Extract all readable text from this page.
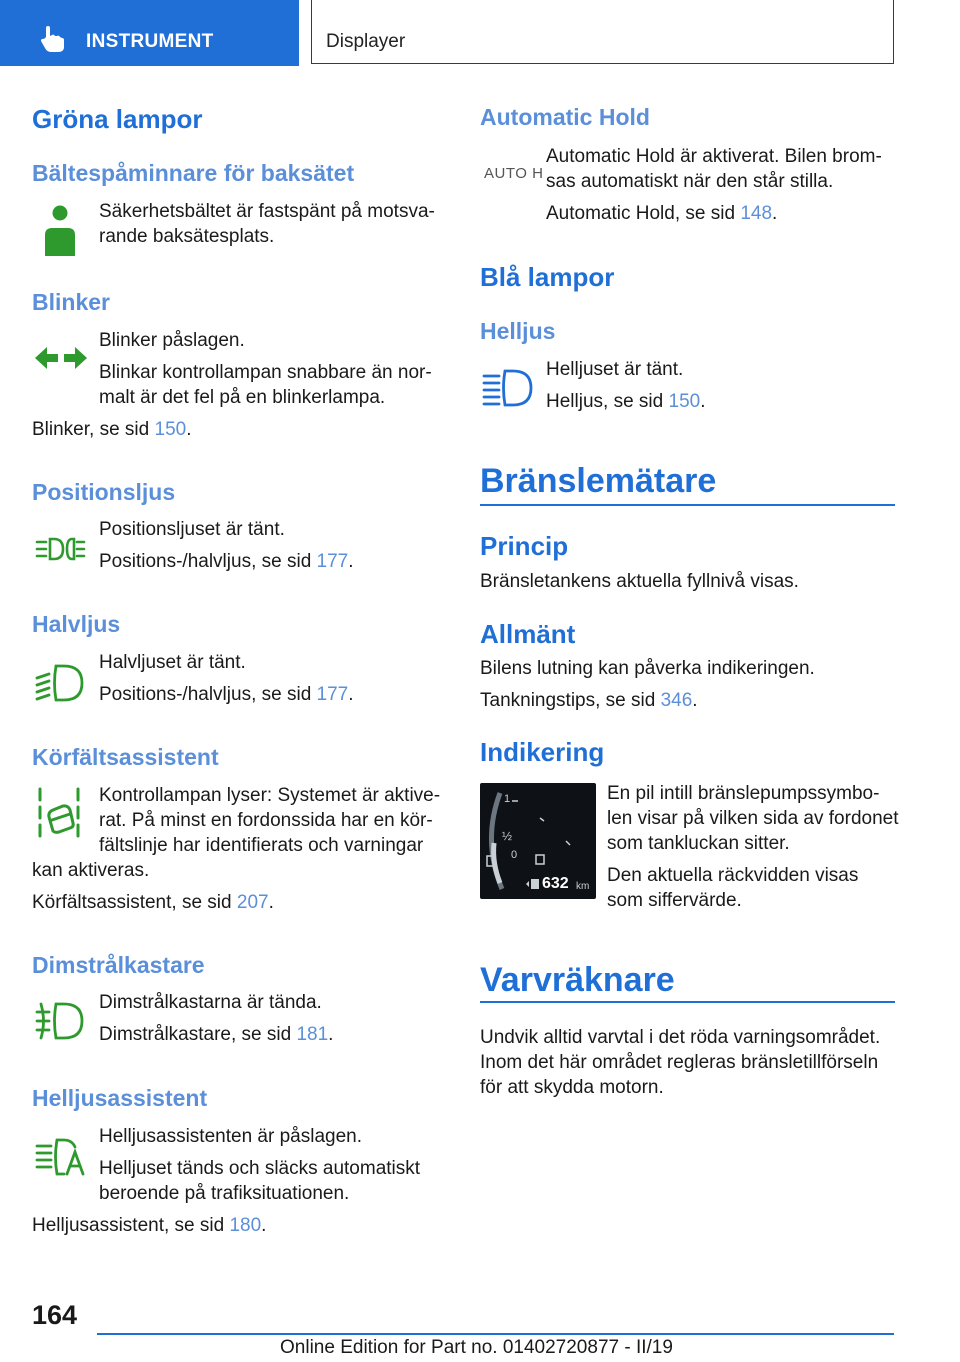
INSTRUMENT	Displayer
Gröna lampor
Bältespåminnare för baksätet
Säkerhetsbältet är fastspänt på motsva-
rande baksätesplats.
Blinker
Blinker påslagen.
Blinkar kontrollampan snabbare än nor-
malt är det fel på en blinkerlampa.
Blinker, se sid 150.
Positionsljus
Positionsljuset är tänt.
Positions-/halvljus, se sid 177.
Halvljus
Halvljuset är tänt.
Positions-/halvljus, se sid 177.
Körfältsassistent
Kontrollampan lyser: Systemet är aktive-
rat. På minst en fordonssida har en kör-
fältslinje har identifierats och varningar
kan aktiveras.
Körfältsassistent, se sid 207.
Dimstrålkastare
Dimstrålkastarna är tända.
Dimstrålkastare, se sid 181.
Helljusassistent
Helljusassistenten är påslagen.
Helljuset tänds och släcks automatiskt
beroende på trafiksituationen.
Helljusassistent, se sid 180.
Automatic Hold
AUTO H
Automatic Hold är aktiverat. Bilen brom-
sas automatiskt när den står stilla.
Automatic Hold, se sid 148.
Blå lampor
Helljus
Helljuset är tänt.
Helljus, se sid 150.
Bränslemätare
Princip
Bränsletankens aktuella fyllnivå visas.
Allmänt
Bilens lutning kan påverka indikeringen.
Tankningstips, se sid 346.
Indikering
1
½
0
632 km
En pil intill bränslepumpssymbo-
len visar på vilken sida av fordonet
som tankluckan sitter.
Den aktuella räckvidden visas
som siffervärde.
Varvräknare
Undvik alltid varvtal i det röda varningsområdet.
Inom det här området regleras bränsletillförseln
för att skydda motorn.
164
Online Edition for Part no. 01402720877 - II/19
